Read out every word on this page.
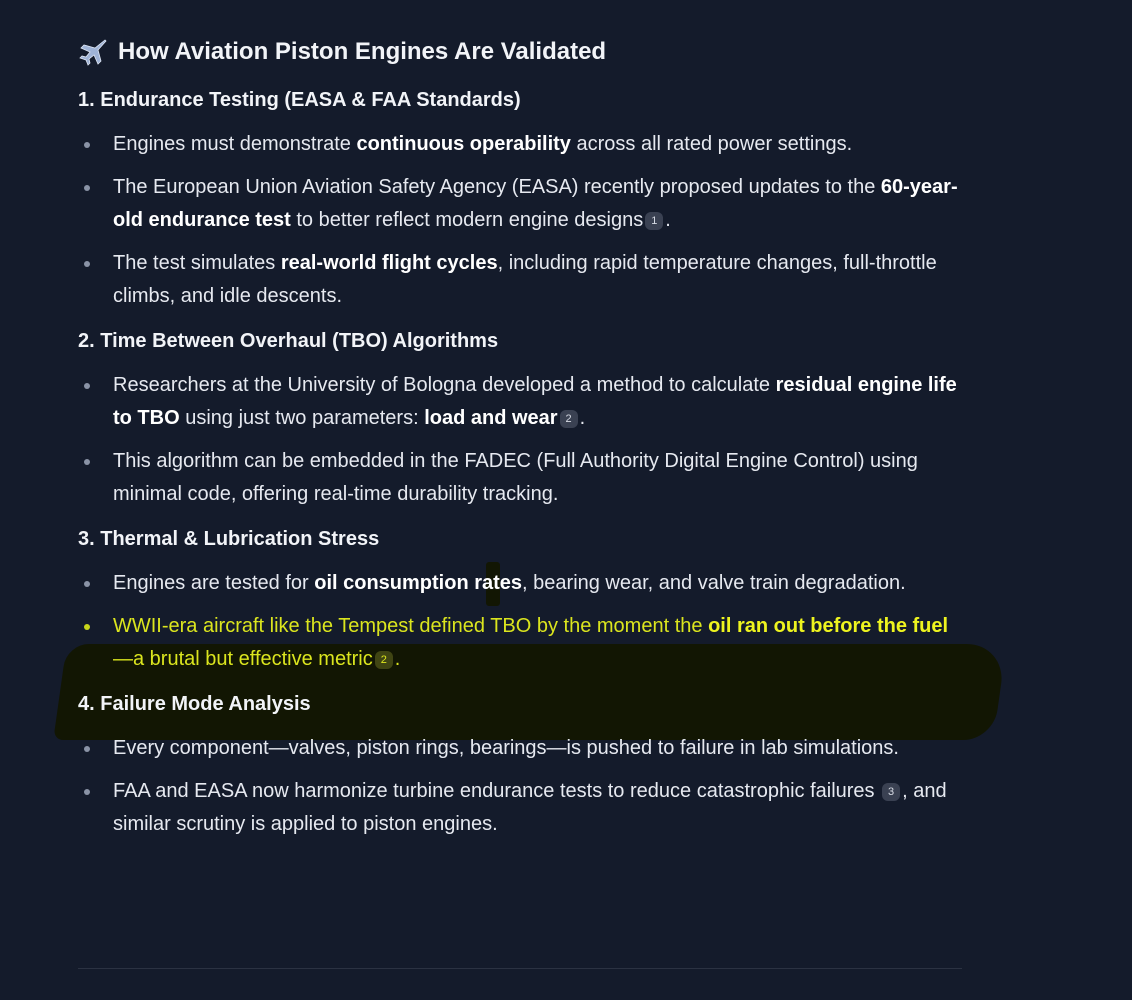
How Aviation Piston Engines Are Validated
1. Endurance Testing (EASA & FAA Standards)
Engines must demonstrate continuous operability across all rated power settings.
The European Union Aviation Safety Agency (EASA) recently proposed updates to the 60-year-old endurance test to better reflect modern engine designs 1 .
The test simulates real-world flight cycles, including rapid temperature changes, full-throttle climbs, and idle descents.
2. Time Between Overhaul (TBO) Algorithms
Researchers at the University of Bologna developed a method to calculate residual engine life to TBO using just two parameters: load and wear 2 .
This algorithm can be embedded in the FADEC (Full Authority Digital Engine Control) using minimal code, offering real-time durability tracking.
3. Thermal & Lubrication Stress
Engines are tested for oil consumption rates, bearing wear, and valve train degradation.
WWII-era aircraft like the Tempest defined TBO by the moment the oil ran out before the fuel—a brutal but effective metric 2 .
4. Failure Mode Analysis
Every component—valves, piston rings, bearings—is pushed to failure in lab simulations.
FAA and EASA now harmonize turbine endurance tests to reduce catastrophic failures 3 , and similar scrutiny is applied to piston engines.
